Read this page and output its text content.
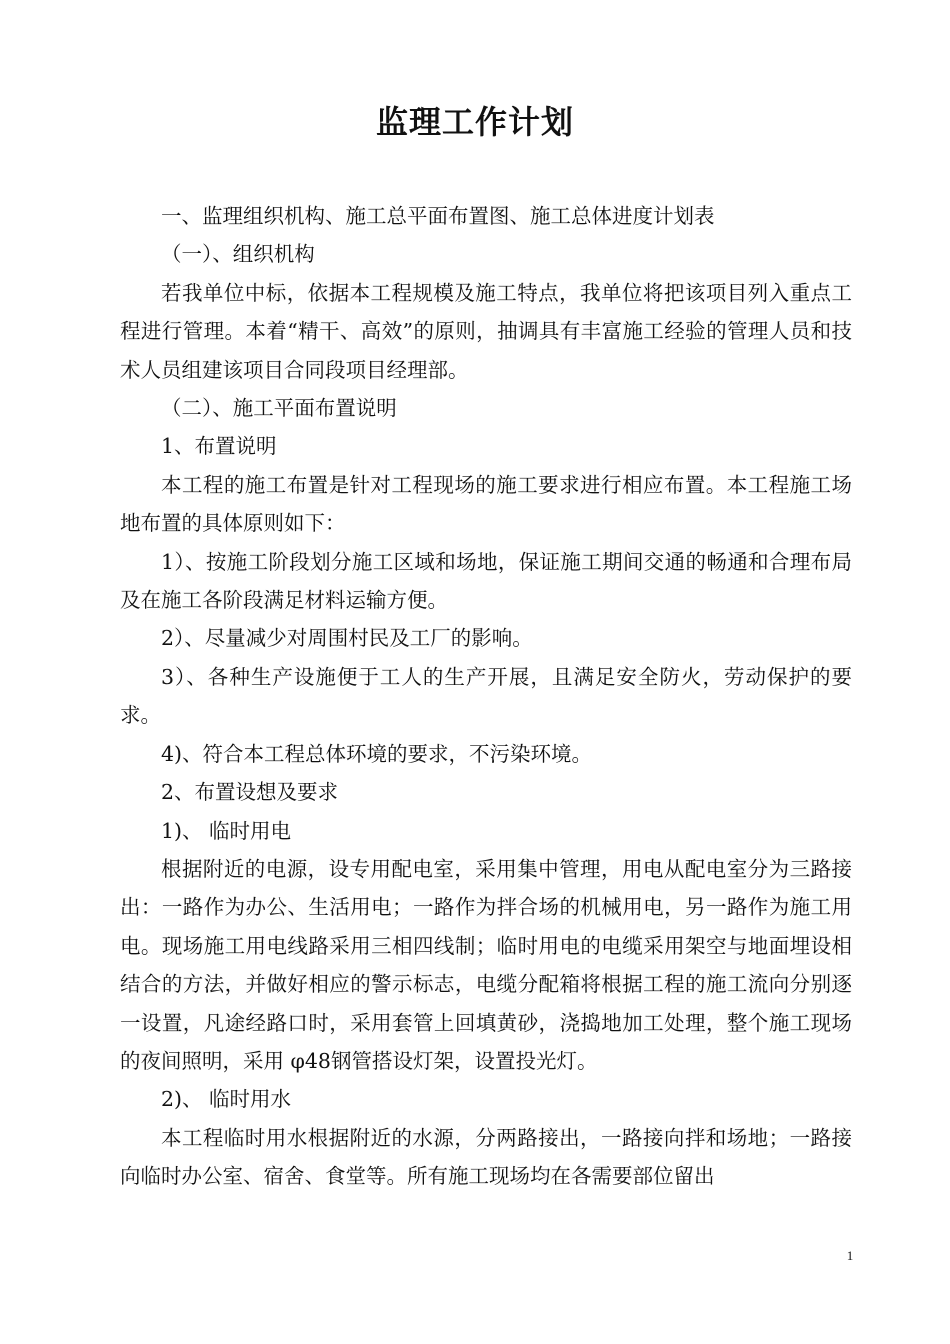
监理工作计划

一、监理组织机构、施工总平面布置图、施工总体进度计划表

（一）、组织机构

若我单位中标，依据本工程规模及施工特点，我单位将把该项目列入重点工程进行管理。本着“精干、高效”的原则，抽调具有丰富施工经验的管理人员和技术人员组建该项目合同段项目经理部。

（二）、施工平面布置说明

1、布置说明

本工程的施工布置是针对工程现场的施工要求进行相应布置。本工程施工场地布置的具体原则如下：

1）、按施工阶段划分施工区域和场地，保证施工期间交通的畅通和合理布局及在施工各阶段满足材料运输方便。

2）、尽量减少对周围村民及工厂的影响。

3）、各种生产设施便于工人的生产开展，且满足安全防火，劳动保护的要求。

4)、符合本工程总体环境的要求，不污染环境。

2、布置设想及要求

1)、 临时用电

根据附近的电源，设专用配电室，采用集中管理，用电从配电室分为三路接出：一路作为办公、生活用电；一路作为拌合场的机械用电，另一路作为施工用电。现场施工用电线路采用三相四线制；临时用电的电缆采用架空与地面埋设相结合的方法，并做好相应的警示标志，电缆分配箱将根据工程的施工流向分别逐一设置，凡途经路口时，采用套管上回填黄砂，浇捣地加工处理，整个施工现场的夜间照明，采用 φ48钢管搭设灯架，设置投光灯。

2)、 临时用水

本工程临时用水根据附近的水源，分两路接出，一路接向拌和场地；一路接向临时办公室、宿舍、食堂等。所有施工现场均在各需要部位留出

1
